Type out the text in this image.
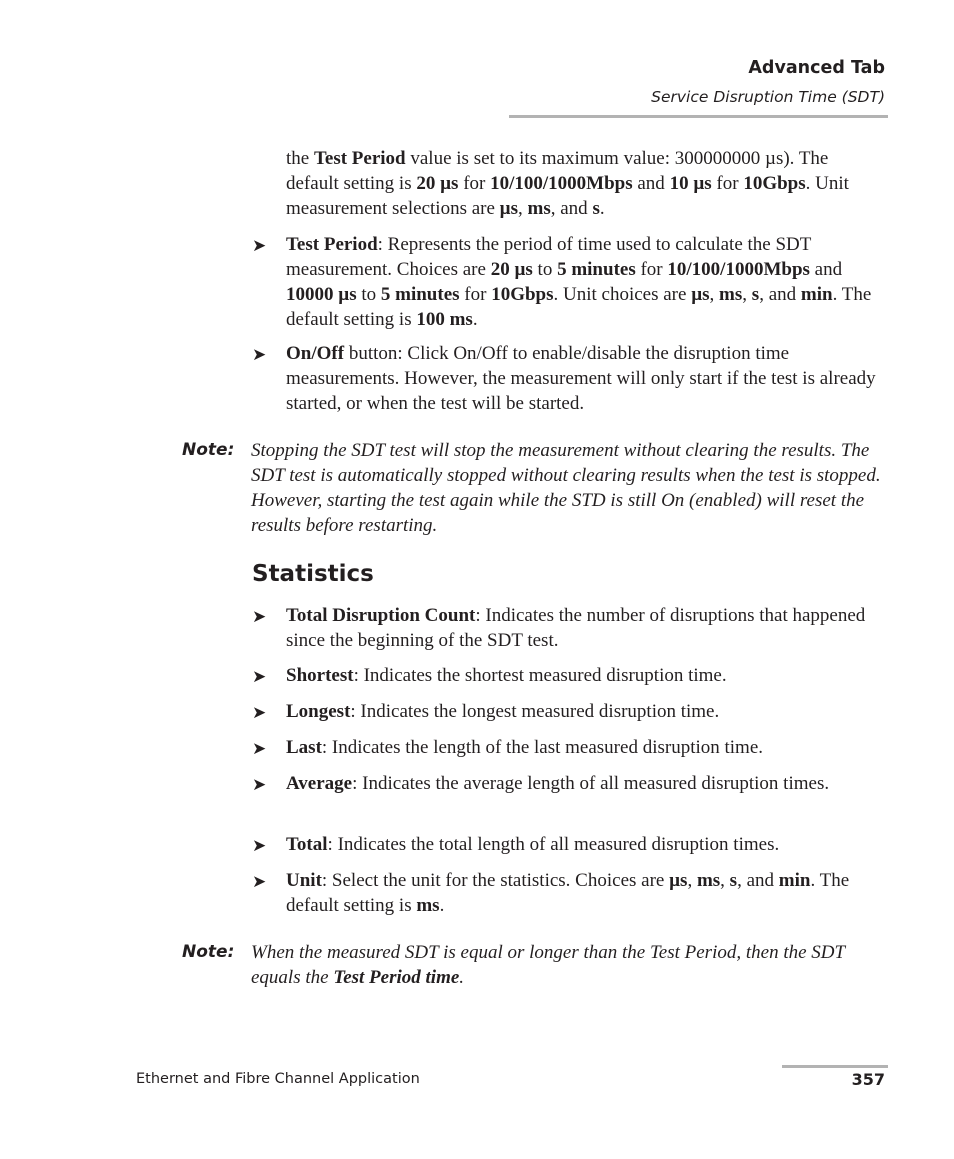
Advanced Tab
Service Disruption Time (SDT)

the Test Period value is set to its maximum value: 300000000 µs). The default setting is 20 µs for 10/100/1000Mbps and 10 µs for 10Gbps. Unit measurement selections are µs, ms, and s.

➤ Test Period: Represents the period of time used to calculate the SDT measurement. Choices are 20 µs to 5 minutes for 10/100/1000Mbps and 10000 µs to 5 minutes for 10Gbps. Unit choices are µs, ms, s, and min. The default setting is 100 ms.

➤ On/Off button: Click On/Off to enable/disable the disruption time measurements. However, the measurement will only start if the test is already started, or when the test will be started.

Note: Stopping the SDT test will stop the measurement without clearing the results. The SDT test is automatically stopped without clearing results when the test is stopped. However, starting the test again while the STD is still On (enabled) will reset the results before restarting.

Statistics
➤ Total Disruption Count: Indicates the number of disruptions that happened since the beginning of the SDT test.

➤ Shortest: Indicates the shortest measured disruption time.

➤ Longest: Indicates the longest measured disruption time.

➤ Last: Indicates the length of the last measured disruption time.

➤ Average: Indicates the average length of all measured disruption times.

➤ Total: Indicates the total length of all measured disruption times.

➤ Unit: Select the unit for the statistics. Choices are µs, ms, s, and min. The default setting is ms.

Note: When the measured SDT is equal or longer than the Test Period, then the SDT equals the Test Period time.

Ethernet and Fibre Channel Application	357
